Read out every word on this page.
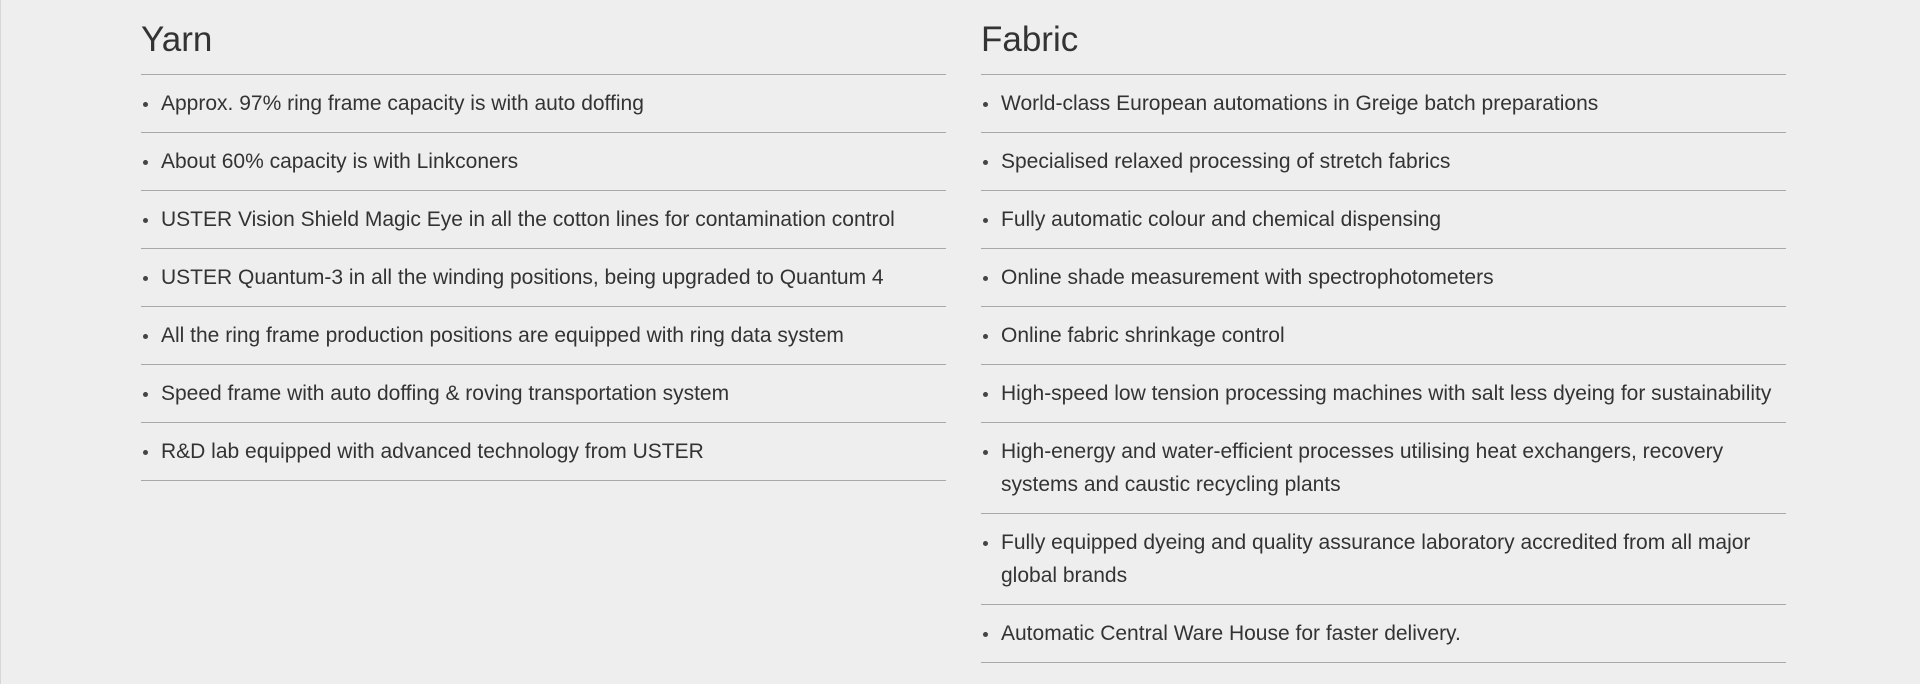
Yarn
Approx. 97% ring frame capacity is with auto doffing
About 60% capacity is with Linkconers
USTER Vision Shield Magic Eye in all the cotton lines for contamination control
USTER Quantum-3 in all the winding positions, being upgraded to Quantum 4
All the ring frame production positions are equipped with ring data system
Speed frame with auto doffing & roving transportation system
R&D lab equipped with advanced technology from USTER
Fabric
World-class European automations in Greige batch preparations
Specialised relaxed processing of stretch fabrics
Fully automatic colour and chemical dispensing
Online shade measurement with spectrophotometers
Online fabric shrinkage control
High-speed low tension processing machines with salt less dyeing for sustainability
High-energy and water-efficient processes utilising heat exchangers, recovery systems and caustic recycling plants
Fully equipped dyeing and quality assurance laboratory accredited from all major global brands
Automatic Central Ware House for faster delivery.
